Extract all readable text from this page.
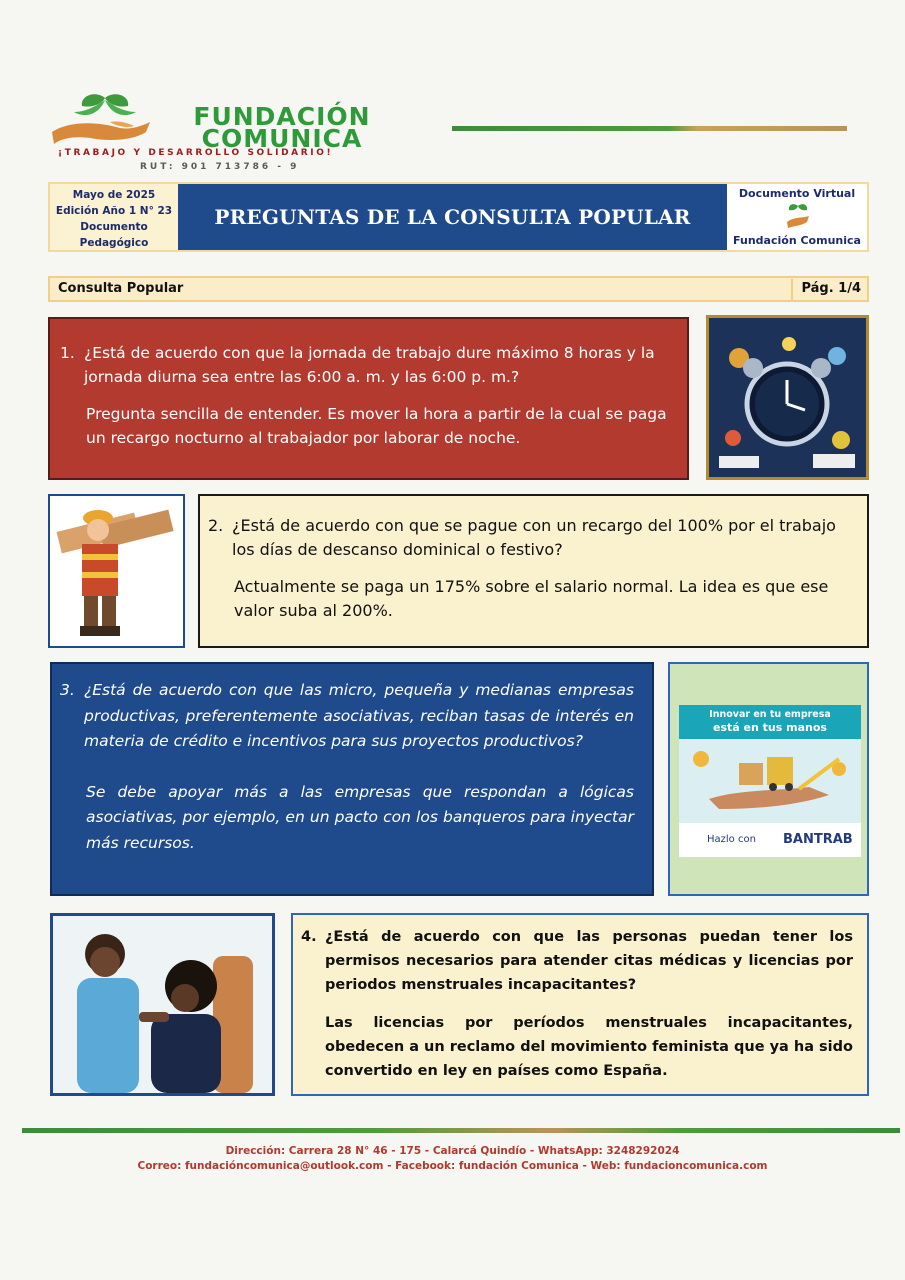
FUNDACIÓN
COMUNICA
¡TRABAJO Y DESARROLLO SOLIDARIO!
RUT: 901 713786 - 9
Mayo de 2025
Edición Año 1 N° 23
Documento
Pedagógico
PREGUNTAS DE LA CONSULTA POPULAR
Documento Virtual
Fundación Comunica
Consulta Popular	Pág. 1/4
1. ¿Está de acuerdo con que la jornada de trabajo dure máximo 8 horas y la jornada diurna sea entre las 6:00 a. m. y las 6:00 p. m.?
Pregunta sencilla de entender. Es mover la hora a partir de la cual se paga un recargo nocturno al trabajador por laborar de noche.
2. ¿Está de acuerdo con que se pague con un recargo del 100% por el trabajo los días de descanso dominical o festivo?
Actualmente se paga un 175% sobre el salario normal. La idea es que ese valor suba al 200%.
3. ¿Está de acuerdo con que las micro, pequeña y medianas empresas productivas, preferentemente asociativas, reciban tasas de interés en materia de crédito e incentivos para sus proyectos productivos?
Se debe apoyar más a las empresas que respondan a lógicas asociativas, por ejemplo, en un pacto con los banqueros para inyectar más recursos.
Innovar en tu empresa
está en tus manos
Hazlo con BANTRAB
4. ¿Está de acuerdo con que las personas puedan tener los permisos necesarios para atender citas médicas y licencias por periodos menstruales incapacitantes?
Las licencias por períodos menstruales incapacitantes, obedecen a un reclamo del movimiento feminista que ya ha sido convertido en ley en países como España.
Dirección: Carrera 28 N° 46 - 175 - Calarcá Quindío - WhatsApp: 3248292024
Correo: fundacióncomunica@outlook.com - Facebook: fundación Comunica - Web: fundacioncomunica.com
